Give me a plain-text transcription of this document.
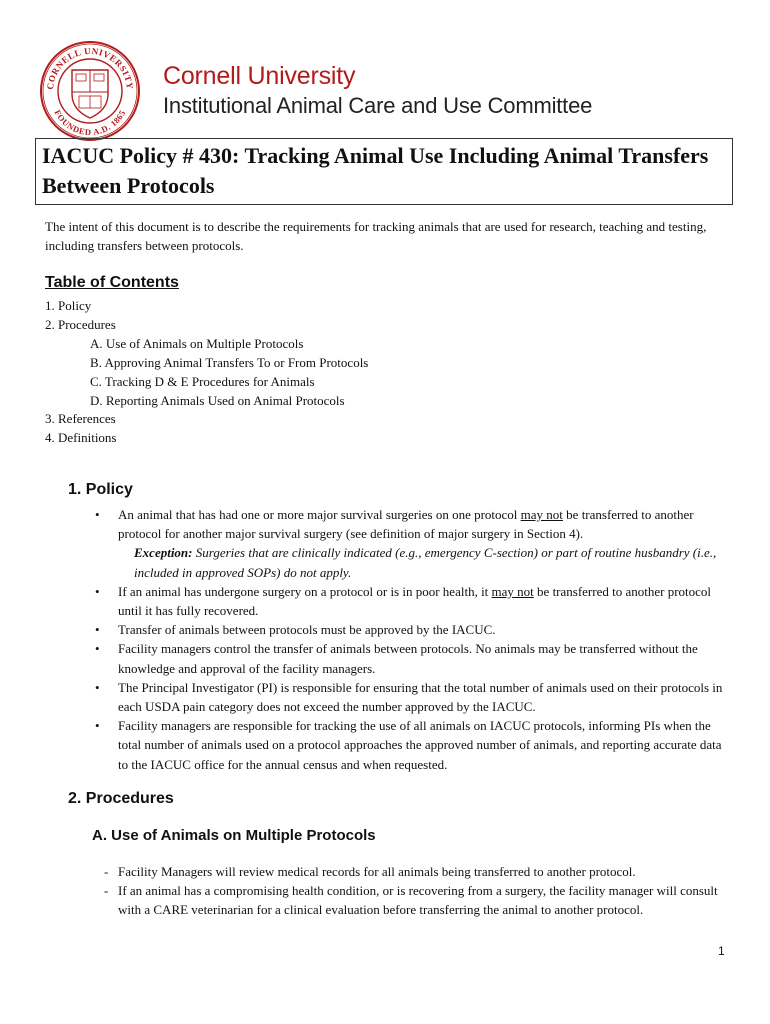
CORNELL UNIVERSITY
FOUNDED A.D. 1865
Cornell University
Institutional Animal Care and Use Committee
IACUC Policy # 430: Tracking Animal Use Including Animal Transfers Between Protocols
The intent of this document is to describe the requirements for tracking animals that are used for research, teaching and testing, including transfers between protocols.
Table of Contents
1. Policy
2. Procedures
A. Use of Animals on Multiple Protocols
B. Approving Animal Transfers To or From Protocols
C. Tracking D & E Procedures for Animals
D. Reporting Animals Used on Animal Protocols
3. References
4. Definitions
1. Policy
• An animal that has had one or more major survival surgeries on one protocol may not be transferred to another protocol for another major survival surgery (see definition of major surgery in Section 4).
Exception: Surgeries that are clinically indicated (e.g., emergency C-section) or part of routine husbandry (i.e., included in approved SOPs) do not apply.
• If an animal has undergone surgery on a protocol or is in poor health, it may not be transferred to another protocol until it has fully recovered.
• Transfer of animals between protocols must be approved by the IACUC.
• Facility managers control the transfer of animals between protocols. No animals may be transferred without the knowledge and approval of the facility managers.
• The Principal Investigator (PI) is responsible for ensuring that the total number of animals used on their protocols in each USDA pain category does not exceed the number approved by the IACUC.
• Facility managers are responsible for tracking the use of all animals on IACUC protocols, informing PIs when the total number of animals used on a protocol approaches the approved number of animals, and reporting accurate data to the IACUC office for the annual census and when requested.
2. Procedures
A. Use of Animals on Multiple Protocols
- Facility Managers will review medical records for all animals being transferred to another protocol.
- If an animal has a compromising health condition, or is recovering from a surgery, the facility manager will consult with a CARE veterinarian for a clinical evaluation before transferring the animal to another protocol.
1
